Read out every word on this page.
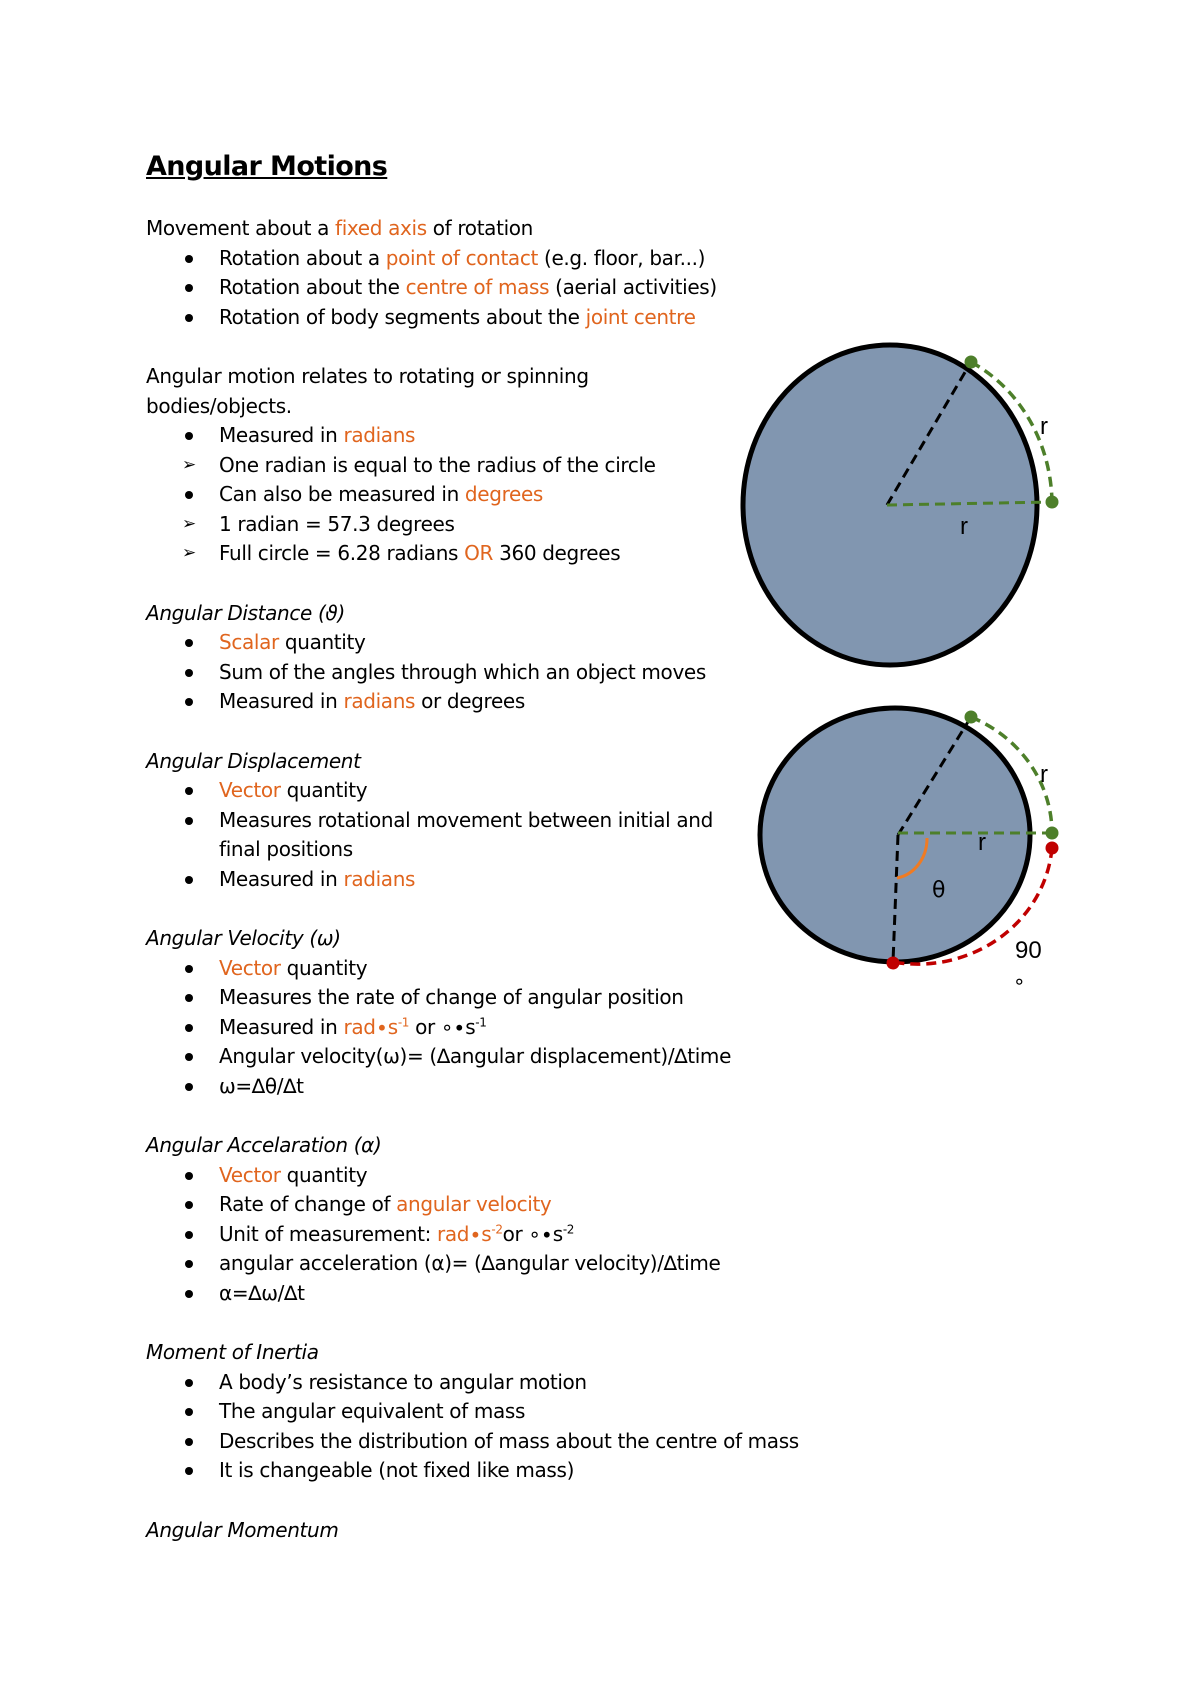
Angular Motions

Movement about a fixed axis of rotation

Rotation about a point of contact (e.g. floor, bar...)

Rotation about the centre of mass (aerial activities)

Rotation of body segments about the joint centre

Angular motion relates to rotating or spinning

bodies/objects.

Measured in radians

➢ One radian is equal to the radius of the circle

Can also be measured in degrees

➢ 1 radian = 57.3 degrees

➢ Full circle = 6.28 radians OR 360 degrees

Angular Distance (ϑ)

Scalar quantity

Sum of the angles through which an object moves

Measured in radians or degrees

Angular Displacement

Vector quantity

Measures rotational movement between initial and
final positions

Measured in radians

Angular Velocity (ω)

Vector quantity

Measures the rate of change of angular position

Measured in $rad\cdot s^{-1}$ or $\circ\cdot s^{-1}$

Angular velocity(ω)= (∆angular displacement)/∆time

ω=∆θ/∆t

Angular Accelaration (α)

Vector quantity

Rate of change of angular velocity

Unit of measurement: $rad\cdot s^{-2}or$ $\circ\cdot s^{-2}$

angular acceleration (α)= (∆angular velocity)/∆time

α=∆ω/∆t

Moment of Inertia

A body’s resistance to angular motion

The angular equivalent of mass

Describes the distribution of mass about the centre of mass

It is changeable (not fixed like mass)

Angular Momentum

r
r
r
r
θ
90
∘
